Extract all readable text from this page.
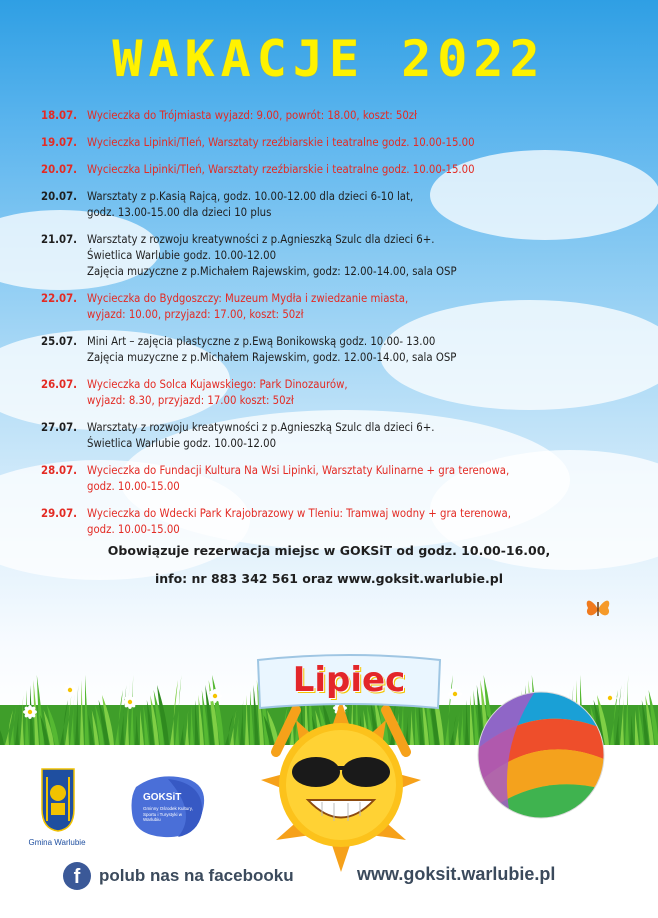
WAKACJE 2022
18.07. Wycieczka do Trójmiasta wyjazd: 9.00, powrót: 18.00, koszt: 50zł
19.07. Wycieczka Lipinki/Tleń, Warsztaty rzeźbiarskie i teatralne godz. 10.00-15.00
20.07. Wycieczka Lipinki/Tleń, Warsztaty rzeźbiarskie i teatralne godz. 10.00-15.00
20.07. Warsztaty z p.Kasią Rajcą, godz. 10.00-12.00 dla dzieci 6-10 lat,
godz. 13.00-15.00 dla dzieci 10 plus
21.07. Warsztaty z rozwoju kreatywności z p.Agnieszką Szulc dla dzieci 6+.
Świetlica Warlubie godz. 10.00-12.00
Zajęcia muzyczne z p.Michałem Rajewskim, godz: 12.00-14.00, sala OSP
22.07. Wycieczka do Bydgoszczy: Muzeum Mydła i zwiedzanie miasta,
wyjazd: 10.00, przyjazd: 17.00, koszt: 50zł
25.07. Mini Art – zajęcia plastyczne z p.Ewą Bonikowską godz. 10.00- 13.00
Zajęcia muzyczne z p.Michałem Rajewskim, godz. 12.00-14.00, sala OSP
26.07. Wycieczka do Solca Kujawskiego: Park Dinozaurów,
wyjazd: 8.30, przyjazd: 17.00 koszt: 50zł
27.07. Warsztaty z rozwoju kreatywności z p.Agnieszką Szulc dla dzieci 6+.
Świetlica Warlubie godz. 10.00-12.00
28.07. Wycieczka do Fundacji Kultura Na Wsi Lipinki, Warsztaty Kulinarne + gra terenowa,
godz. 10.00-15.00
29.07. Wycieczka do Wdecki Park Krajobrazowy w Tleniu: Tramwaj wodny + gra terenowa,
godz. 10.00-15.00
Obowiązuje rezerwacja miejsc w GOKSiT od godz. 10.00-16.00,
info: nr 883 342 561 oraz www.goksit.warlubie.pl
Lipiec
Gmina Warlubie
GOKSiT
Gminny Ośrodek Kultury, Sportu i Turystyki w Warlubiu
f	polub nas na facebooku	www.goksit.warlubie.pl
